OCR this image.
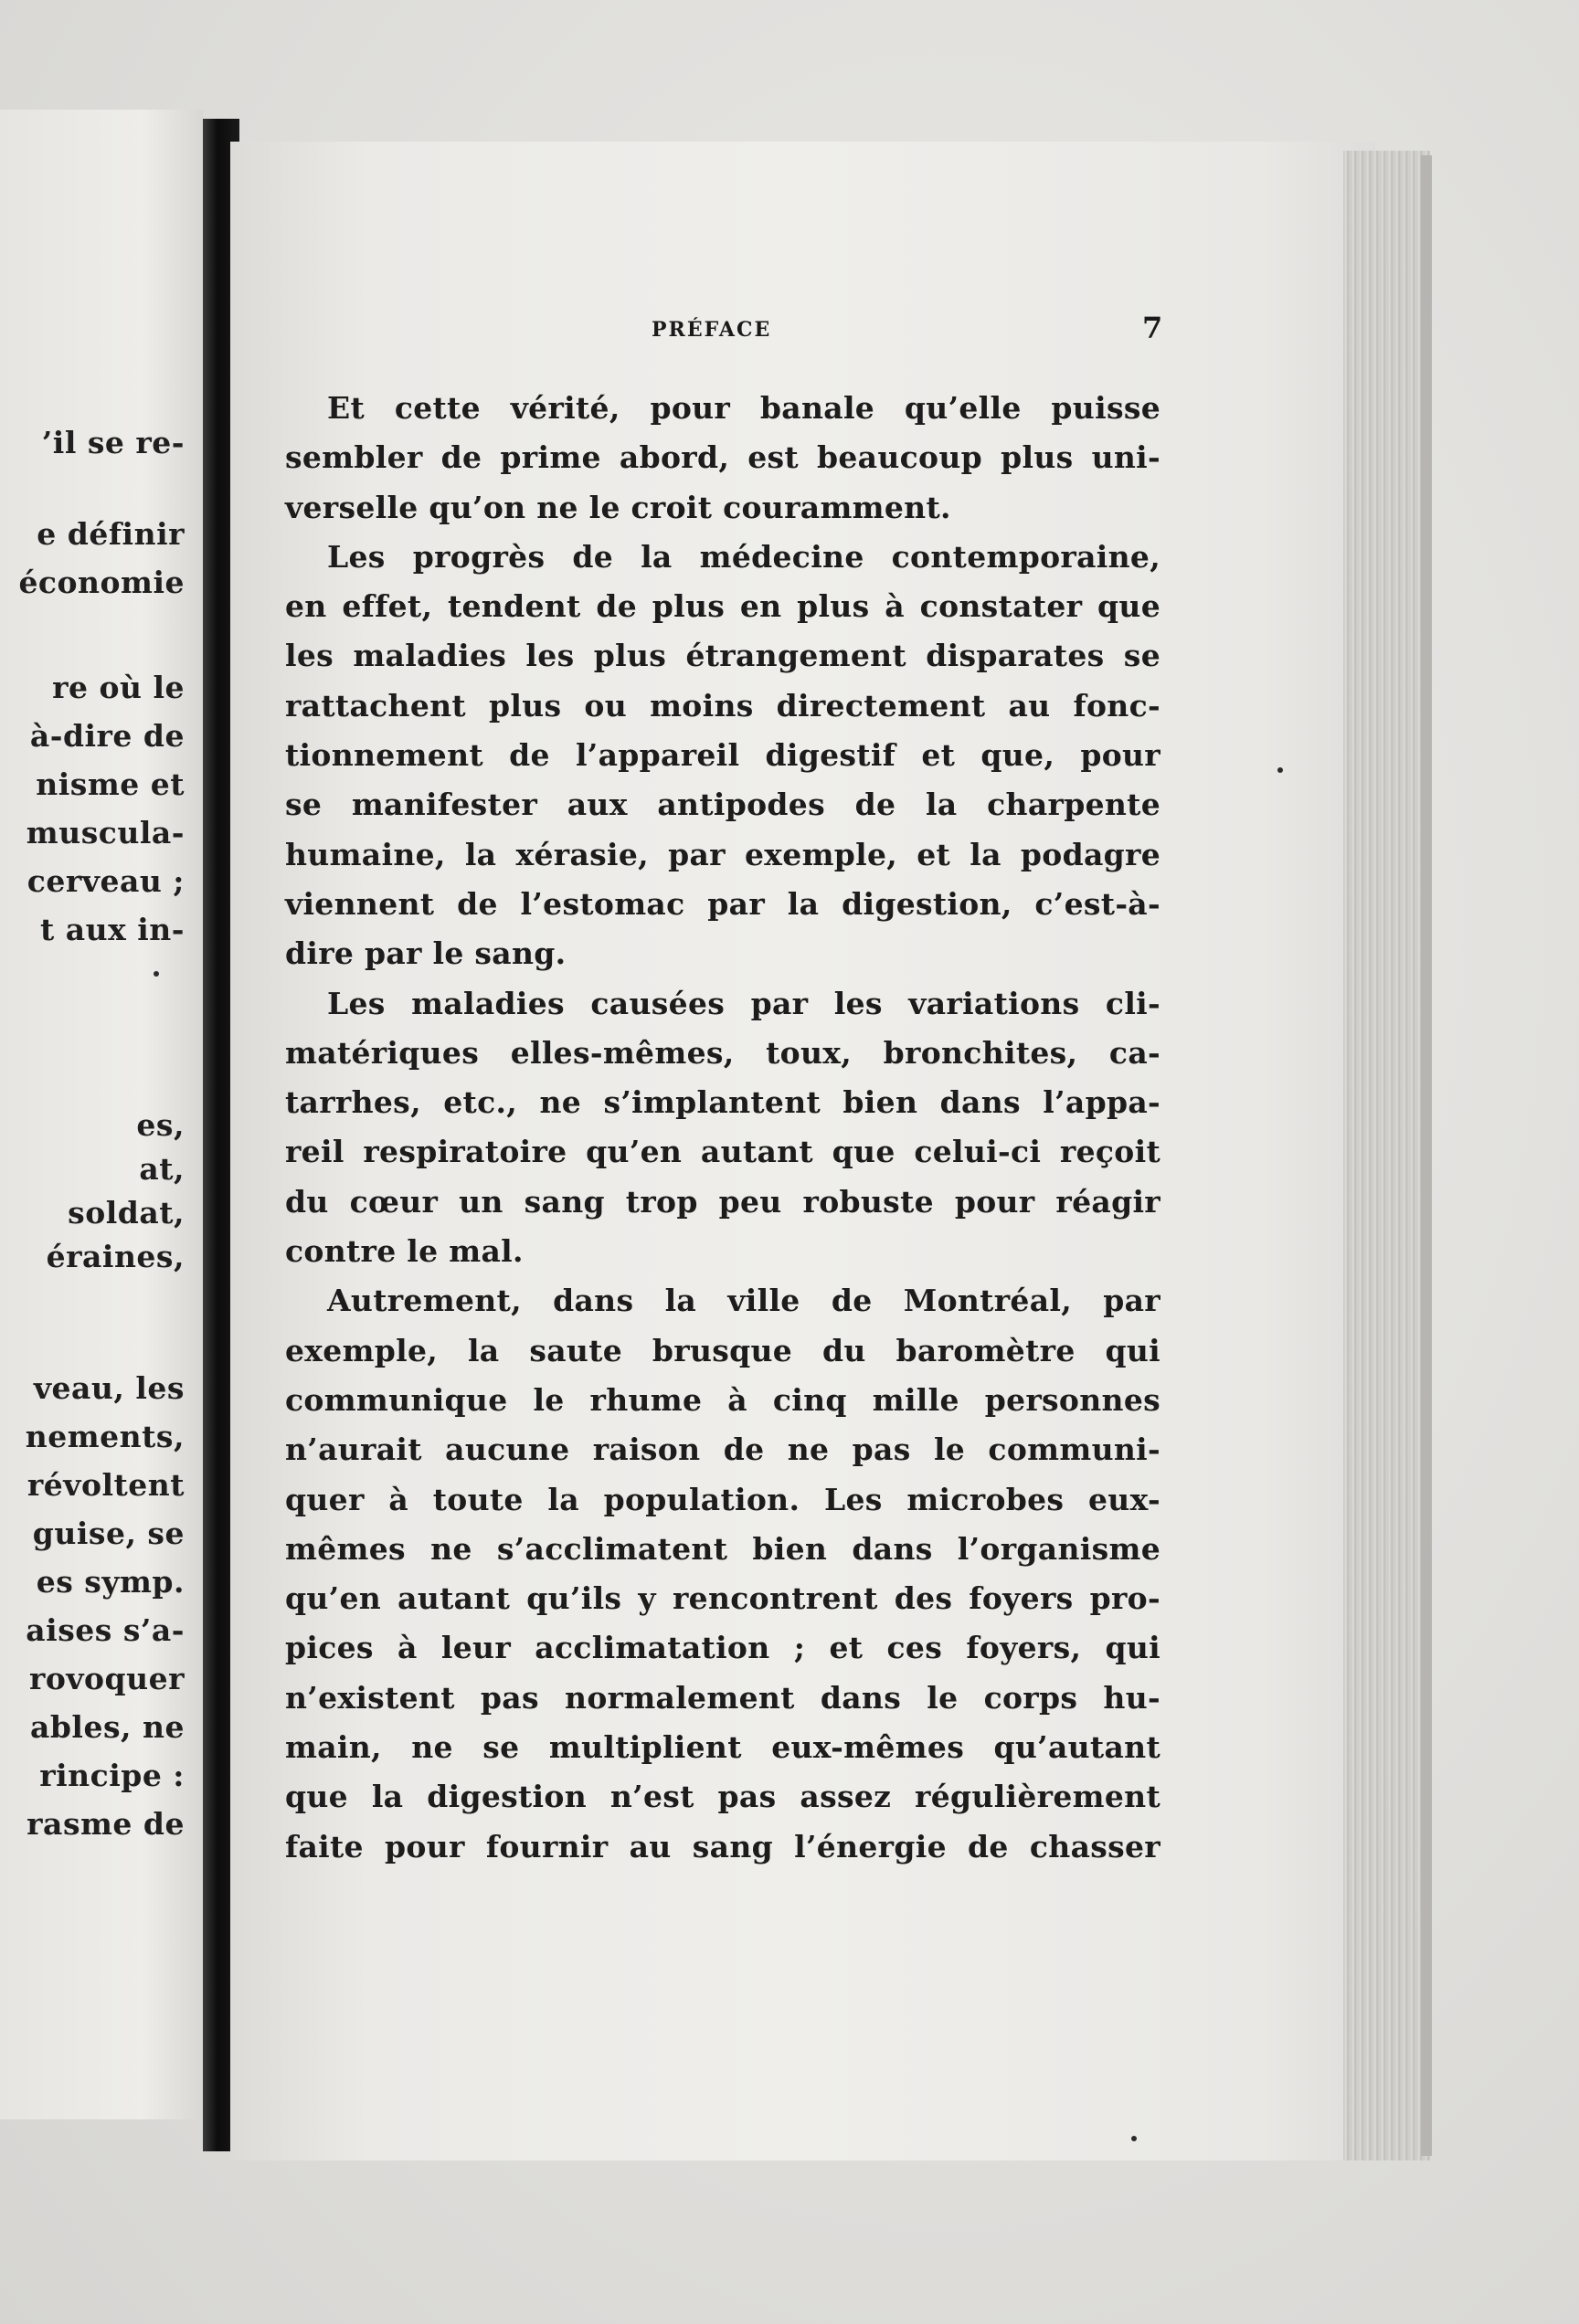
’il se re-
e définir
économie
re où le
à-dire de
nisme et
muscula-
cerveau ;
t aux in-
es,
at,
soldat,
éraines,
veau, les
nements,
révoltent
guise, se
es symp.
aises s’a-
rovoquer
ables, ne
rincipe :
rasme de
PRÉFACE	7
Et cette vérité, pour banale qu’elle puisse
sembler de prime abord, est beaucoup plus uni-
verselle qu’on ne le croit couramment.
Les progrès de la médecine contemporaine,
en effet, tendent de plus en plus à constater que
les maladies les plus étrangement disparates se
rattachent plus ou moins directement au fonc-
tionnement de l’appareil digestif et que, pour
se manifester aux antipodes de la charpente
humaine, la xérasie, par exemple, et la podagre
viennent de l’estomac par la digestion, c’est-à-
dire par le sang.
Les maladies causées par les variations cli-
matériques elles-mêmes, toux, bronchites, ca-
tarrhes, etc., ne s’implantent bien dans l’appa-
reil respiratoire qu’en autant que celui-ci reçoit
du cœur un sang trop peu robuste pour réagir
contre le mal.
Autrement, dans la ville de Montréal, par
exemple, la saute brusque du baromètre qui
communique le rhume à cinq mille personnes
n’aurait aucune raison de ne pas le communi-
quer à toute la population. Les microbes eux-
mêmes ne s’acclimatent bien dans l’organisme
qu’en autant qu’ils y rencontrent des foyers pro-
pices à leur acclimatation ; et ces foyers, qui
n’existent pas normalement dans le corps hu-
main, ne se multiplient eux-mêmes qu’autant
que la digestion n’est pas assez régulièrement
faite pour fournir au sang l’énergie de chasser
